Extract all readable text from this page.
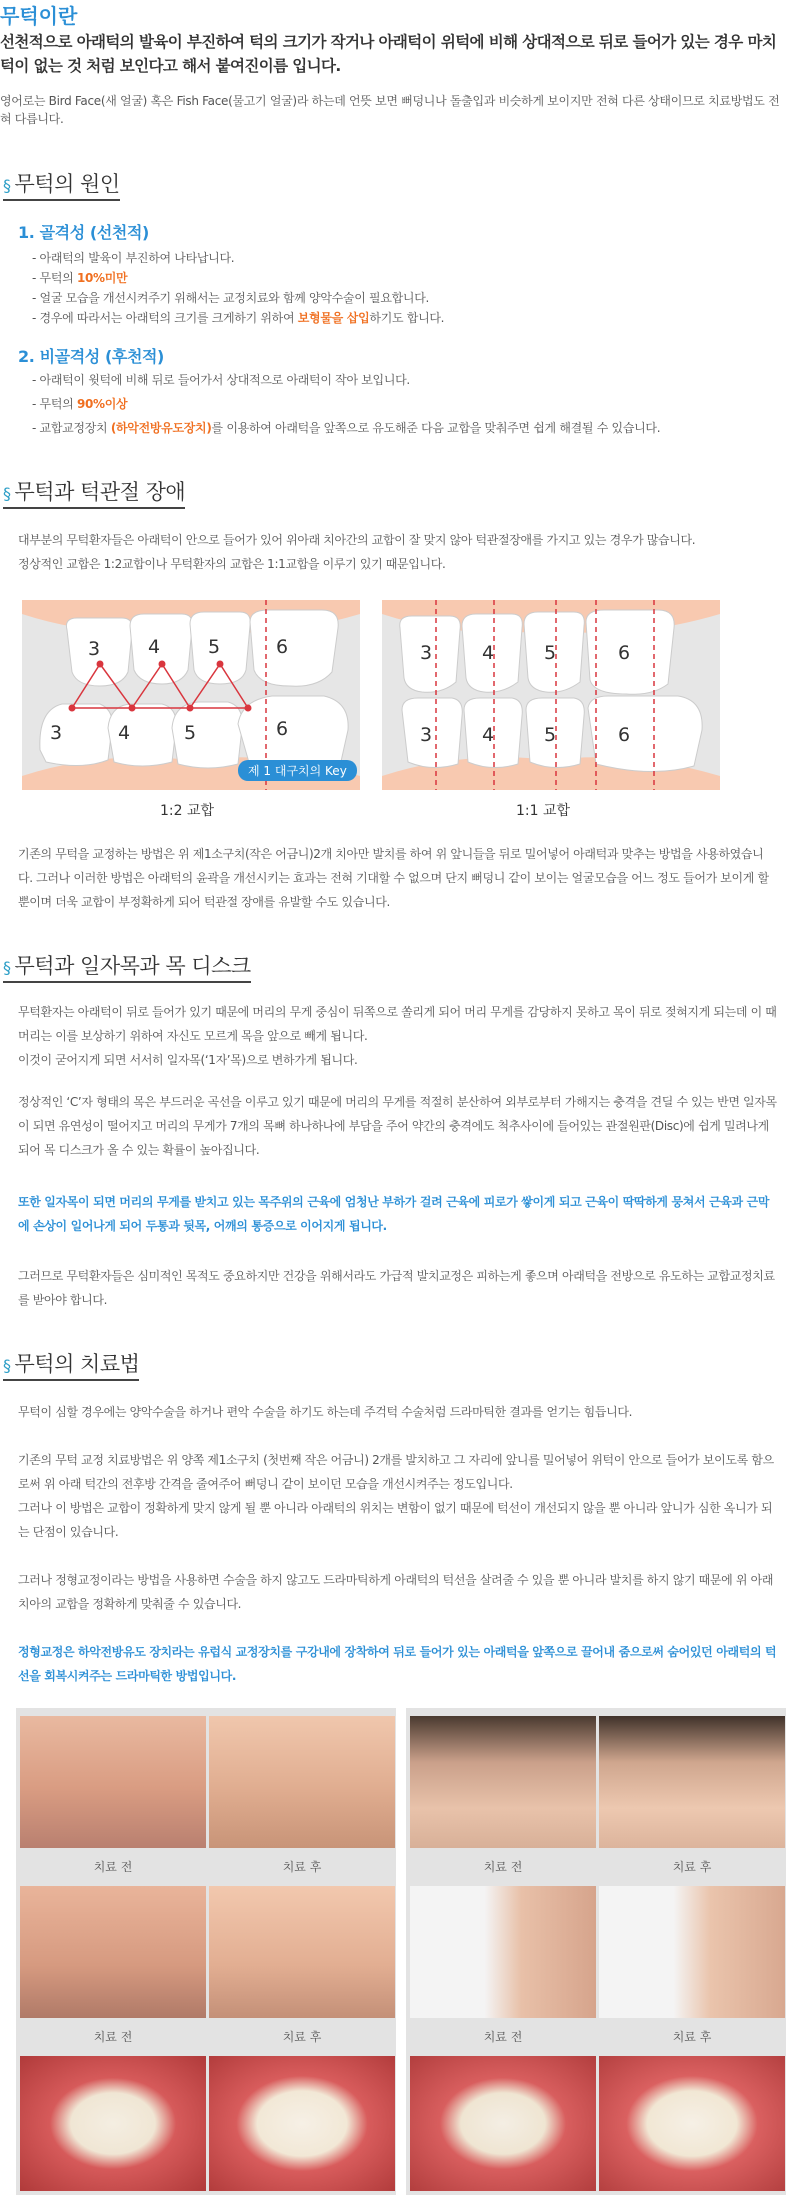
무턱이란
선천적으로 아래턱의 발육이 부진하여 턱의 크기가 작거나 아래턱이 위턱에 비해 상대적으로 뒤로 들어가 있는 경우 마치 턱이 없는 것 처럼 보인다고 해서 붙여진이름 입니다.
영어로는 Bird Face(새 얼굴) 혹은 Fish Face(물고기 얼굴)라 하는데 언뜻 보면 뻐덩니나 돌출입과 비슷하게 보이지만 전혀 다른 상태이므로 치료방법도 전혀 다릅니다.
§ 무턱의 원인
1. 골격성 (선천적)
- 아래턱의 발육이 부진하여 나타납니다.
- 무턱의 10%미만
- 얼굴 모습을 개선시켜주기 위해서는 교정치료와 함께 양악수술이 필요합니다.
- 경우에 따라서는 아래턱의 크기를 크게하기 위하여 보형물을 삽입하기도 합니다.
2. 비골격성 (후천적)
- 아래턱이 윗턱에 비해 뒤로 들어가서 상대적으로 아래턱이 작아 보입니다.
- 무턱의 90%이상
- 교합교정장치 (하악전방유도장치)를 이용하여 아래턱을 앞쪽으로 유도해준 다음 교합을 맞춰주면 쉽게 해결될 수 있습니다.
§ 무턱과 턱관절 장애
대부분의 무턱환자들은 아래턱이 안으로 들어가 있어 위아래 치아간의 교합이 잘 맞지 않아 턱관절장애를 가지고 있는 경우가 많습니다.
정상적인 교합은 1:2교합이나 무턱환자의 교합은 1:1교합을 이루기 있기 때문입니다.
3	4	5	6
3	4	5	6
제 1 대구치의 Key
1:2 교합
3	4	5	6
3	4	5	6
1:1 교합
기존의 무턱을 교정하는 방법은 위 제1소구치(작은 어금니)2개 치아만 발치를 하여 위 앞니들을 뒤로 밀어넣어 아래턱과 맞추는 방법을 사용하였습니다. 그러나 이러한 방법은 아래턱의 윤곽을 개선시키는 효과는 전혀 기대할 수 없으며 단지 뻐덩니 같이 보이는 얼굴모습을 어느 정도 들어가 보이게 할 뿐이며 더욱 교합이 부정확하게 되어 턱관절 장애를 유발할 수도 있습니다.
§ 무턱과 일자목과 목 디스크
무턱환자는 아래턱이 뒤로 들어가 있기 때문에 머리의 무게 중심이 뒤쪽으로 쏠리게 되어 머리 무게를 감당하지 못하고 목이 뒤로 젖혀지게 되는데 이 때 머리는 이를 보상하기 위하여 자신도 모르게 목을 앞으로 빼게 됩니다.
이것이 굳어지게 되면 서서히 일자목(‘1자’목)으로 변하가게 됩니다.
정상적인 ‘C’자 형태의 목은 부드러운 곡선을 이루고 있기 때문에 머리의 무게를 적절히 분산하여 외부로부터 가해지는 충격을 견딜 수 있는 반면 일자목이 되면 유연성이 떨어지고 머리의 무게가 7개의 목뼈 하나하나에 부담을 주어 약간의 충격에도 척추사이에 들어있는 관절원판(Disc)에 쉽게 밀려나게 되어 목 디스크가 올 수 있는 확률이 높아집니다.
또한 일자목이 되면 머리의 무게를 받치고 있는 목주위의 근육에 엄청난 부하가 걸려 근육에 피로가 쌓이게 되고 근육이 딱딱하게 뭉쳐서 근육과 근막에 손상이 일어나게 되어 두통과 뒷목, 어깨의 통증으로 이어지게 됩니다.
그러므로 무턱환자들은 심미적인 목적도 중요하지만 건강을 위해서라도 가급적 발치교정은 피하는게 좋으며 아래턱을 전방으로 유도하는 교합교정치료를 받아야 합니다.
§ 무턱의 치료법
무턱이 심할 경우에는 양악수술을 하거나 편악 수술을 하기도 하는데 주걱턱 수술처럼 드라마틱한 결과를 얻기는 힘듭니다.
기존의 무턱 교정 치료방법은 위 양쪽 제1소구치 (첫번째 작은 어금니) 2개를 발치하고 그 자리에 앞니를 밀어넣어 위턱이 안으로 들어가 보이도록 함으로써 위 아래 턱간의 전후방 간격을 줄여주어 뻐덩니 같이 보이던 모습을 개선시켜주는 정도입니다.
그러나 이 방법은 교합이 정확하게 맞지 않게 될 뿐 아니라 아래턱의 위치는 변함이 없기 때문에 턱선이 개선되지 않을 뿐 아니라 앞니가 심한 옥니가 되는 단점이 있습니다.
그러나 정형교정이라는 방법을 사용하면 수술을 하지 않고도 드라마틱하게 아래턱의 턱선을 살려줄 수 있을 뿐 아니라 발치를 하지 않기 때문에 위 아래 치아의 교합을 정확하게 맞춰줄 수 있습니다.
정형교정은 하악전방유도 장치라는 유럽식 교정장치를 구강내에 장착하여 뒤로 들어가 있는 아래턱을 앞쪽으로 끌어내 줌으로써 숨어있던 아래턱의 턱선을 회복시켜주는 드라마틱한 방법입니다.
치료 전	치료 후
치료 전	치료 후
치료 전	치료 후
치료 전	치료 후
